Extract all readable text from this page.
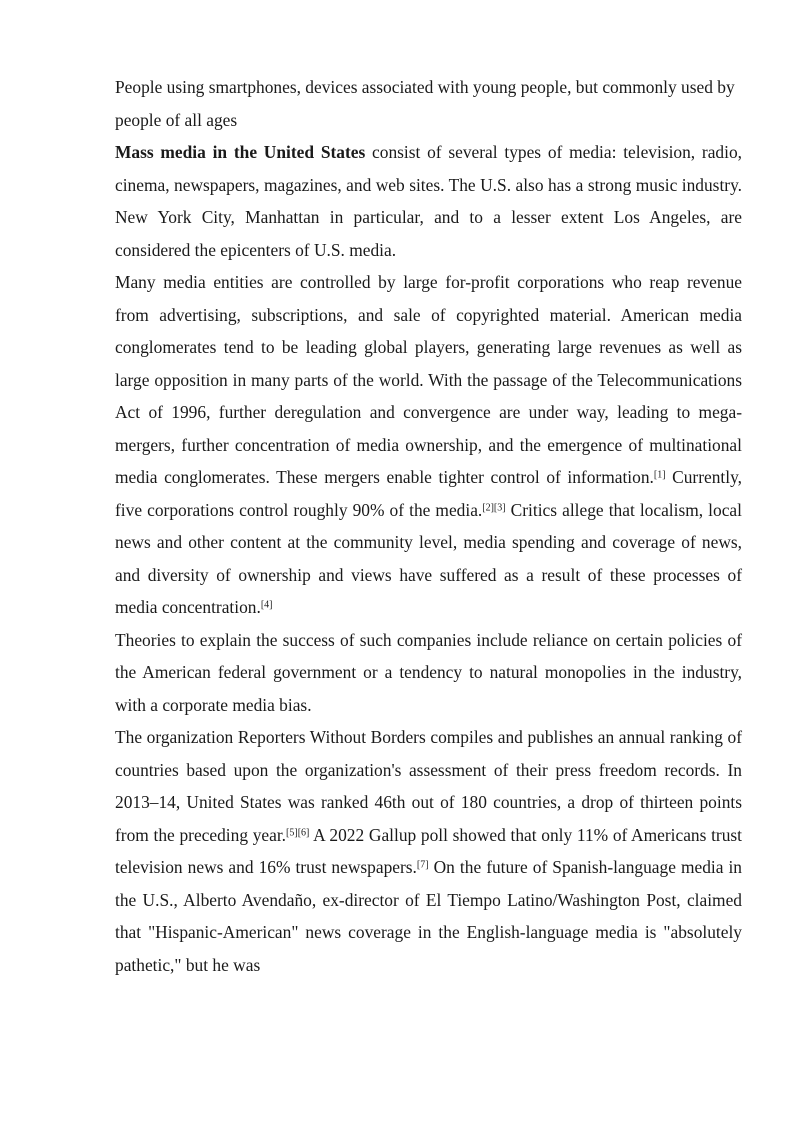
People using smartphones, devices associated with young people, but commonly used by people of all ages

Mass media in the United States consist of several types of media: television, radio, cinema, newspapers, magazines, and web sites. The U.S. also has a strong music industry. New York City, Manhattan in particular, and to a lesser extent Los Angeles, are considered the epicenters of U.S. media.

Many media entities are controlled by large for-profit corporations who reap revenue from advertising, subscriptions, and sale of copyrighted material. American media conglomerates tend to be leading global players, generating large revenues as well as large opposition in many parts of the world. With the passage of the Telecommunications Act of 1996, further deregulation and convergence are under way, leading to mega-mergers, further concentration of media ownership, and the emergence of multinational media conglomerates. These mergers enable tighter control of information.[1] Currently, five corporations control roughly 90% of the media.[2][3] Critics allege that localism, local news and other content at the community level, media spending and coverage of news, and diversity of ownership and views have suffered as a result of these processes of media concentration.[4]

Theories to explain the success of such companies include reliance on certain policies of the American federal government or a tendency to natural monopolies in the industry, with a corporate media bias.

The organization Reporters Without Borders compiles and publishes an annual ranking of countries based upon the organization's assessment of their press freedom records. In 2013–14, United States was ranked 46th out of 180 countries, a drop of thirteen points from the preceding year.[5][6] A 2022 Gallup poll showed that only 11% of Americans trust television news and 16% trust newspapers.[7] On the future of Spanish-language media in the U.S., Alberto Avendaño, ex-director of El Tiempo Latino/Washington Post, claimed that "Hispanic-American" news coverage in the English-language media is "absolutely pathetic," but he was
